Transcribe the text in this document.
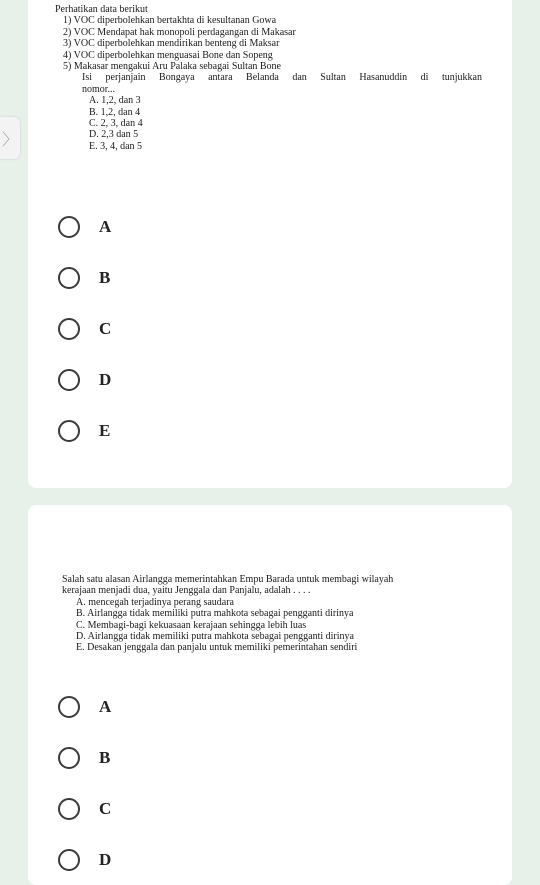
〉
Perhatikan data berikut
1) VOC diperbolehkan bertakhta di kesultanan Gowa
2) VOC Mendapat hak monopoli perdagangan di Makasar
3) VOC diperbolehkan mendirikan benteng di Maksar
4) VOC diperbolehkan menguasai Bone dan Sopeng
5) Makasar mengakui Aru Palaka sebagai Sultan Bone
Isi perjanjain Bongaya antara Belanda dan Sultan Hasanuddin di tunjukkan
nomor...
A. 1,2, dan 3
B. 1,2, dan 4
C. 2, 3, dan 4
D. 2,3 dan 5
E. 3, 4, dan 5
A
B
C
D
E
Salah satu alasan Airlangga memerintahkan Empu Barada untuk membagi wilayah
kerajaan menjadi dua, yaitu Jenggala dan Panjalu, adalah . . . .
A. mencegah terjadinya perang saudara
B. Airlangga tidak memiliki putra mahkota sebagai pengganti dirinya
C. Membagi-bagi kekuasaan kerajaan sehingga lebih luas
D. Airlangga tidak memiliki putra mahkota sebagai pengganti dirinya
E. Desakan jenggala dan panjalu untuk memiliki pemerintahan sendiri
A
B
C
D
